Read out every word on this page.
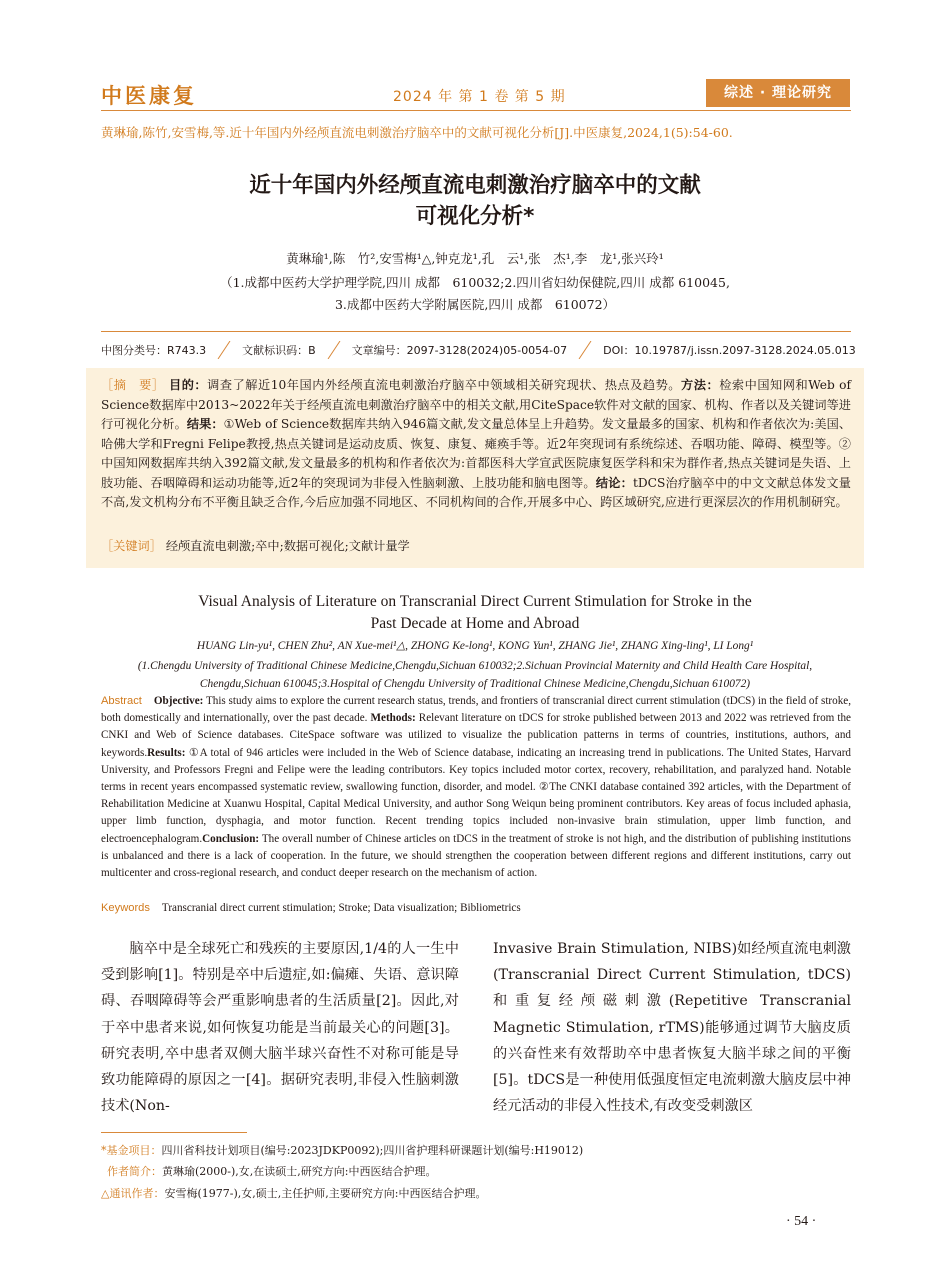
中医康复	2024 年 第 1 卷 第 5 期	综述 · 理论研究
黄琳瑜,陈竹,安雪梅,等.近十年国内外经颅直流电刺激治疗脑卒中的文献可视化分析[J].中医康复,2024,1(5):54-60.
近十年国内外经颅直流电刺激治疗脑卒中的文献
可视化分析*
黄琳瑜¹,陈　竹²,安雪梅¹△,钟克龙¹,孔　云¹,张　杰¹,李　龙¹,张兴玲¹
（1.成都中医药大学护理学院,四川 成都　610032;2.四川省妇幼保健院,四川 成都 610045,
3.成都中医药大学附属医院,四川 成都　610072）
中图分类号：R743.3	文献标识码：B	文章编号：2097-3128(2024)05-0054-07	DOI：10.19787/j.issn.2097-3128.2024.05.013
［摘　要］ 目的：调查了解近10年国内外经颅直流电刺激治疗脑卒中领域相关研究现状、热点及趋势。方法：检索中国知网和Web of Science数据库中2013~2022年关于经颅直流电刺激治疗脑卒中的相关文献,用CiteSpace软件对文献的国家、机构、作者以及关键词等进行可视化分析。结果：①Web of Science数据库共纳入946篇文献,发文量总体呈上升趋势。发文量最多的国家、机构和作者依次为:美国、哈佛大学和Fregni Felipe教授,热点关键词是运动皮质、恢复、康复、瘫痪手等。近2年突现词有系统综述、吞咽功能、障碍、模型等。②中国知网数据库共纳入392篇文献,发文量最多的机构和作者依次为:首都医科大学宣武医院康复医学科和宋为群作者,热点关键词是失语、上肢功能、吞咽障碍和运动功能等,近2年的突现词为非侵入性脑刺激、上肢功能和脑电图等。结论：tDCS治疗脑卒中的中文文献总体发文量不高,发文机构分布不平衡且缺乏合作,今后应加强不同地区、不同机构间的合作,开展多中心、跨区域研究,应进行更深层次的作用机制研究。
［关键词］ 经颅直流电刺激;卒中;数据可视化;文献计量学
Visual Analysis of Literature on Transcranial Direct Current Stimulation for Stroke in the
Past Decade at Home and Abroad
HUANG Lin-yu¹, CHEN Zhu², AN Xue-mei¹△, ZHONG Ke-long¹, KONG Yun¹, ZHANG Jie¹, ZHANG Xing-ling¹, LI Long¹
(1.Chengdu University of Traditional Chinese Medicine,Chengdu,Sichuan 610032;2.Sichuan Provincial Maternity and Child Health Care Hospital,
Chengdu,Sichuan 610045;3.Hospital of Chengdu University of Traditional Chinese Medicine,Chengdu,Sichuan 610072)
Abstract Objective: This study aims to explore the current research status, trends, and frontiers of transcranial direct current stimulation (tDCS) in the field of stroke, both domestically and internationally, over the past decade. Methods: Relevant literature on tDCS for stroke published between 2013 and 2022 was retrieved from the CNKI and Web of Science databases. CiteSpace software was utilized to visualize the publication patterns in terms of countries, institutions, authors, and keywords.Results: ①A total of 946 articles were included in the Web of Science database, indicating an increasing trend in publications. The United States, Harvard University, and Professors Fregni and Felipe were the leading contributors. Key topics included motor cortex, recovery, rehabilitation, and paralyzed hand. Notable terms in recent years encompassed systematic review, swallowing function, disorder, and model. ②The CNKI database contained 392 articles, with the Department of Rehabilitation Medicine at Xuanwu Hospital, Capital Medical University, and author Song Weiqun being prominent contributors. Key areas of focus included aphasia, upper limb function, dysphagia, and motor function. Recent trending topics included non-invasive brain stimulation, upper limb function, and electroencephalogram.Conclusion: The overall number of Chinese articles on tDCS in the treatment of stroke is not high, and the distribution of publishing institutions is unbalanced and there is a lack of cooperation. In the future, we should strengthen the cooperation between different regions and different institutions, carry out multicenter and cross-regional research, and conduct deeper research on the mechanism of action.
Keywords Transcranial direct current stimulation; Stroke; Data visualization; Bibliometrics
脑卒中是全球死亡和残疾的主要原因,1/4的人一生中受到影响[1]。特别是卒中后遗症,如:偏瘫、失语、意识障碍、吞咽障碍等会严重影响患者的生活质量[2]。因此,对于卒中患者来说,如何恢复功能是当前最关心的问题[3]。研究表明,卒中患者双侧大脑半球兴奋性不对称可能是导致功能障碍的原因之一[4]。据研究表明,非侵入性脑刺激技术(Non-
Invasive Brain Stimulation, NIBS)如经颅直流电刺激(Transcranial Direct Current Stimulation, tDCS)和重复经颅磁刺激(Repetitive Transcranial Magnetic Stimulation, rTMS)能够通过调节大脑皮质的兴奋性来有效帮助卒中患者恢复大脑半球之间的平衡[5]。tDCS是一种使用低强度恒定电流刺激大脑皮层中神经元活动的非侵入性技术,有改变受刺激区
*基金项目：四川省科技计划项目(编号:2023JDKP0092);四川省护理科研课题计划(编号:H19012)
作者简介：黄琳瑜(2000-),女,在读硕士,研究方向:中西医结合护理。
△通讯作者：安雪梅(1977-),女,硕士,主任护师,主要研究方向:中西医结合护理。
· 54 ·
